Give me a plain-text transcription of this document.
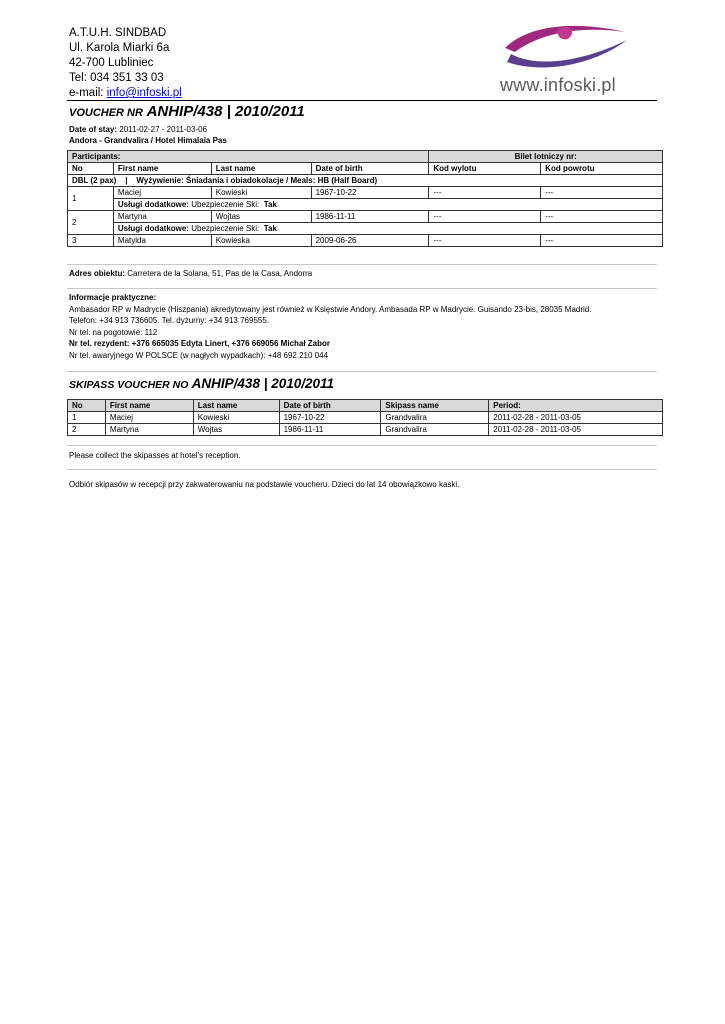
A.T.U.H. SINDBAD
Ul. Karola Miarki 6a
42-700 Lubliniec
Tel: 034 351 33 03
e-mail: info@infoski.pl	www.infoski.pl
VOUCHER NR ANHIP/438 | 2010/2011
Date of stay: 2011-02-27 - 2011-03-06
Andora - Grandvalira / Hotel Himalaia Pas
Participants:				Bilet lotniczy nr:	
No	First name	Last name	Date of birth	Kod wylotu	Kod powrotu
DBL (2 pax) | Wyżywienie: Śniadania i obiadokolacje / Meals: HB (Half Board)					
1	Maciej	Kowieski	1967-10-22	---	---
	Usługi dodatkowe: Ubezpieczenie Ski: Tak				
2	Martyna	Wojtas	1986-11-11	---	---
	Usługi dodatkowe: Ubezpieczenie Ski: Tak				
3	Matylda	Kowieska	2009-06-26	---	---
Adres obiektu: Carretera de la Solana, 51, Pas de la Casa, Andorra
Informacje praktyczne:
Ambasador RP w Madrycie (Hiszpania) akredytowany jest również w Księstwie Andory. Ambasada RP w Madrycie. Guisando 23-bis, 28035 Madrid.
Telefon: +34 913 736605. Tel. dyżurny: +34 913 769555.
Nr tel. na pogotowie: 112
Nr tel. rezydent: +376 665035 Edyta Linert, +376 669056 Michał Zabor
Nr tel. awaryjnego W POLSCE (w nagłych wypadkach): +48 692 210 044
SKIPASS VOUCHER NO ANHIP/438 | 2010/2011
No	First name	Last name	Date of birth	Skipass name	Period:
1	Maciej	Kowieski	1967-10-22	Grandvalira	2011-02-28 - 2011-03-05
2	Martyna	Wojtas	1986-11-11	Grandvalira	2011-02-28 - 2011-03-05
Please collect the skipasses at hotel’s reception.
Odbiór skipasów w recepcji przy zakwaterowaniu na podstawie voucheru. Dzieci do lat 14 obowiązkowo kaski.
